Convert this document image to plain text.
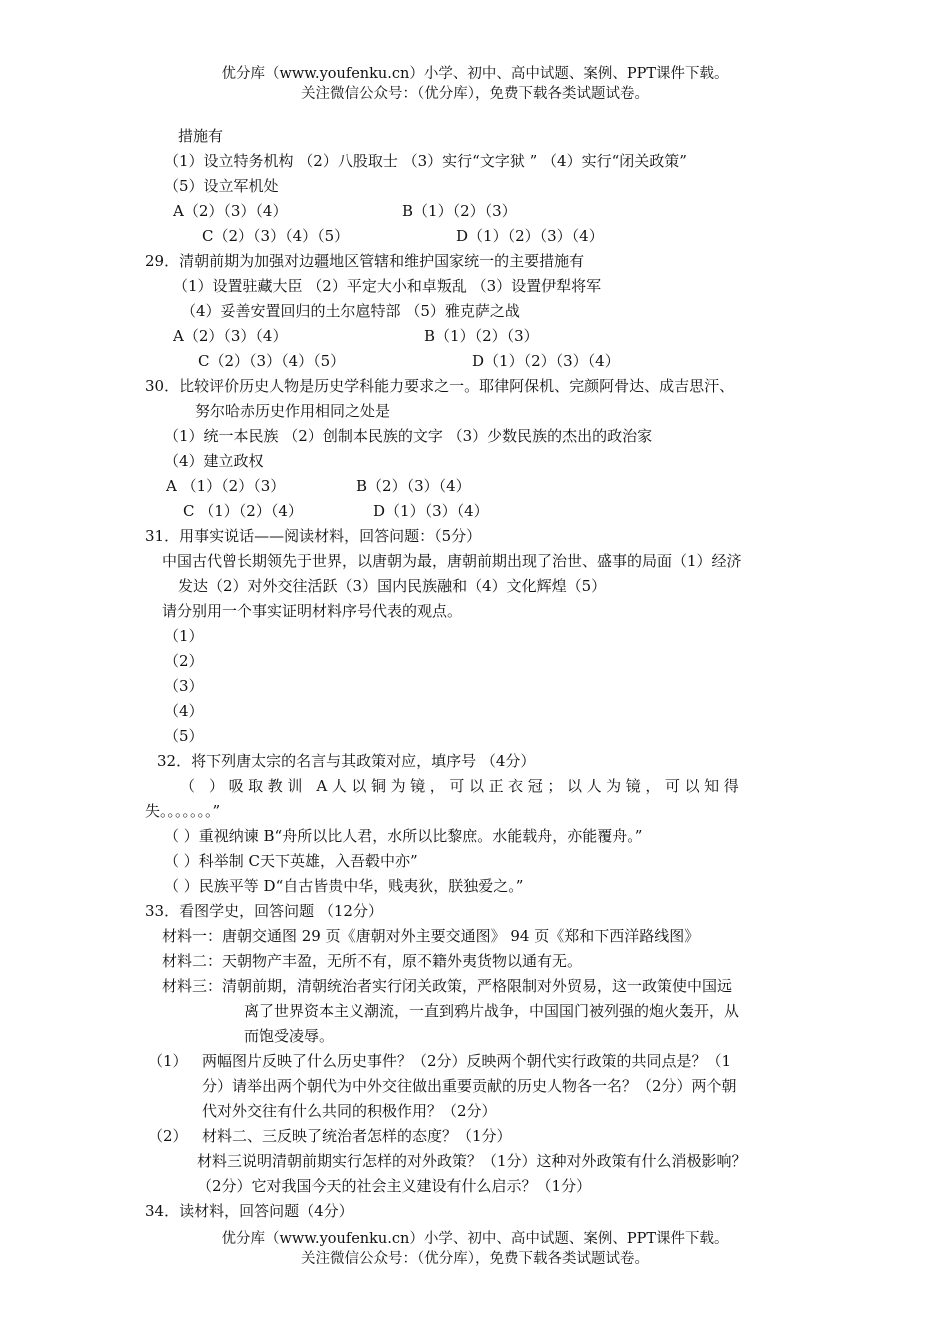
优分库（www.youfenku.cn）小学、初中、高中试题、案例、PPT课件下载。
关注微信公众号：（优分库），免费下载各类试题试卷。
措施有
（1）设立特务机构 （2）八股取士 （3）实行“文字狱 ” （4）实行“闭关政策”
（5）设立军机处
A（2）（3）（4）	B（1）（2）（3）
C（2）（3）（4）（5）	D（1）（2）（3）（4）
29．清朝前期为加强对边疆地区管辖和维护国家统一的主要措施有
（1）设置驻藏大臣 （2）平定大小和卓叛乱 （3）设置伊犁将军
（4）妥善安置回归的土尔扈特部 （5）雅克萨之战
A（2）（3）（4）	B（1）（2）（3）
C（2）（3）（4）（5）	D（1）（2）（3）（4）
30．比较评价历史人物是历史学科能力要求之一。耶律阿保机、完颜阿骨达、成吉思汗、
努尔哈赤历史作用相同之处是
（1）统一本民族 （2）创制本民族的文字 （3）少数民族的杰出的政治家
（4）建立政权
A （1）（2）（3）	B（2）（3）（4）
C （1）（2）（4）	D（1）（3）（4）
31．用事实说话——阅读材料，回答问题：（5分）
中国古代曾长期领先于世界，以唐朝为最，唐朝前期出现了治世、盛事的局面（1）经济
发达（2）对外交往活跃（3）国内民族融和（4）文化辉煌（5）
请分别用一个事实证明材料序号代表的观点。
（1）
（2）
（3）
（4）
（5）
32．将下列唐太宗的名言与其政策对应，填序号 （4分）
（ ）吸取教训 A人以铜为镜，可以正衣冠；以人为镜，可以知得
失。。。。。。。”
（ ）重视纳谏 B“舟所以比人君，水所以比黎庶。水能载舟，亦能覆舟。”
（ ）科举制 C天下英雄，入吾毂中亦”
（ ）民族平等 D“自古皆贵中华，贱夷狄，朕独爱之。”
33．看图学史，回答问题 （12分）
材料一：唐朝交通图 29 页《唐朝对外主要交通图》 94 页《郑和下西洋路线图》
材料二：天朝物产丰盈，无所不有，原不籍外夷货物以通有无。
材料三：清朝前期，清朝统治者实行闭关政策，严格限制对外贸易，这一政策使中国远
离了世界资本主义潮流，一直到鸦片战争，中国国门被列强的炮火轰开，从
而饱受凌辱。
（1） 两幅图片反映了什么历史事件？（2分）反映两个朝代实行政策的共同点是？（1
分）请举出两个朝代为中外交往做出重要贡献的历史人物各一名？（2分）两个朝
代对外交往有什么共同的积极作用？（2分）
（2） 材料二、三反映了统治者怎样的态度？（1分）
材料三说明清朝前期实行怎样的对外政策？（1分）这种对外政策有什么消极影响？
（2分）它对我国今天的社会主义建设有什么启示？（1分）
34．读材料，回答问题（4分）
优分库（www.youfenku.cn）小学、初中、高中试题、案例、PPT课件下载。
关注微信公众号：（优分库），免费下载各类试题试卷。
